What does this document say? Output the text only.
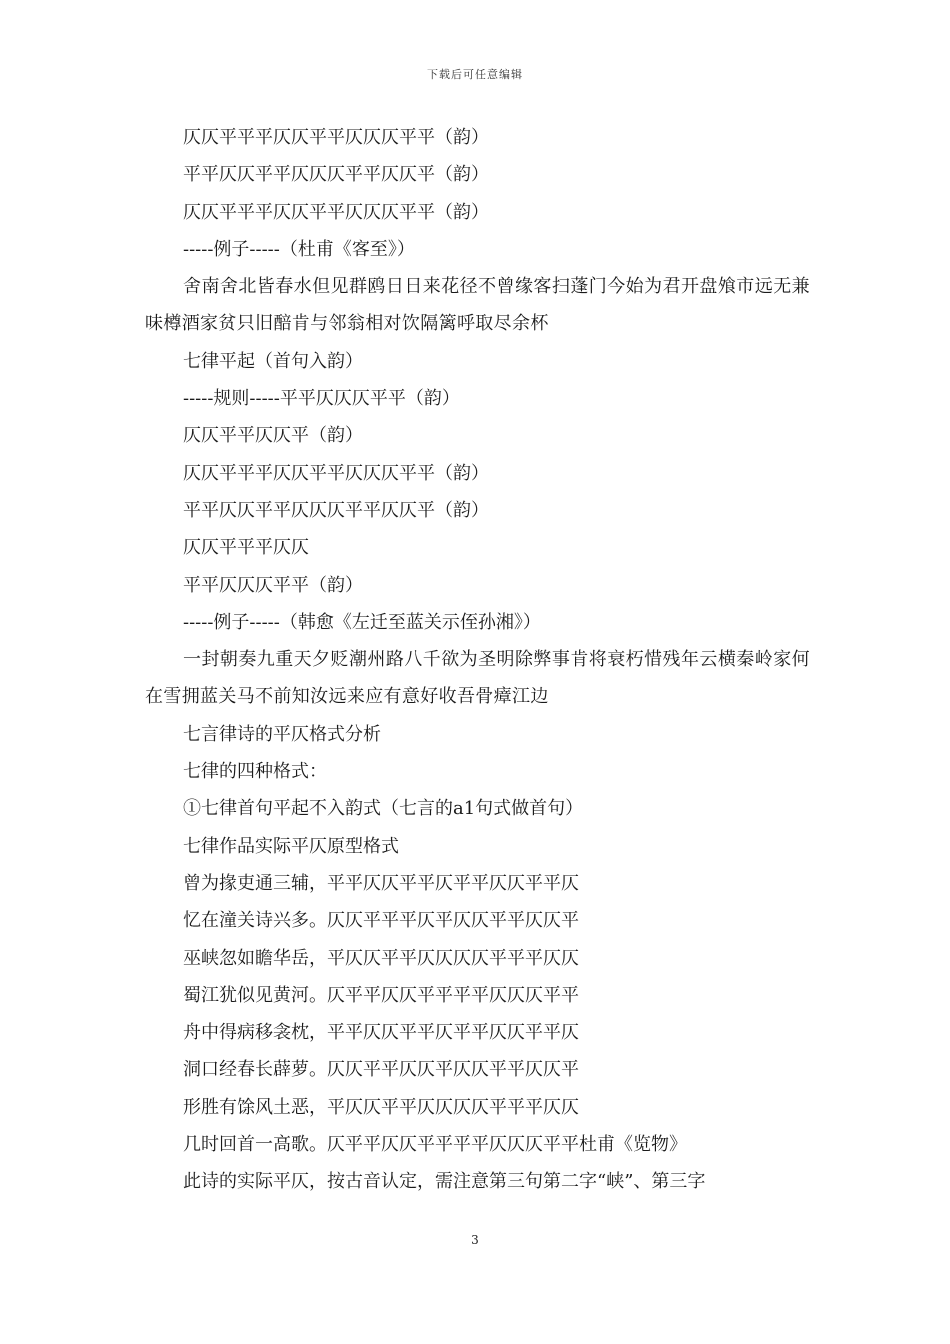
下载后可任意编辑
仄仄平平平仄仄平平仄仄仄平平（韵）
平平仄仄平平仄仄仄平平仄仄平（韵）
仄仄平平平仄仄平平仄仄仄平平（韵）
-----例子-----（杜甫《客至》）

舍南舍北皆春水但见群鸥日日来花径不曾缘客扫蓬门今始为君开盘飧市远无兼味樽酒家贫只旧醅肯与邻翁相对饮隔篱呼取尽余杯

七律平起（首句入韵）
-----规则-----平平仄仄仄平平（韵）
仄仄平平仄仄平（韵）
仄仄平平平仄仄平平仄仄仄平平（韵）
平平仄仄平平仄仄仄平平仄仄平（韵）
仄仄平平平仄仄
平平仄仄仄平平（韵）
-----例子-----（韩愈《左迁至蓝关示侄孙湘》）

一封朝奏九重天夕贬潮州路八千欲为圣明除弊事肯将衰朽惜残年云横秦岭家何在雪拥蓝关马不前知汝远来应有意好收吾骨瘴江边

七言律诗的平仄格式分析
七律的四种格式：
①七律首句平起不入韵式（七言的a1句式做首句）
七律作品实际平仄原型格式
曾为掾吏通三辅，平平仄仄平平仄平平仄仄平平仄
忆在潼关诗兴多。仄仄平平平仄平仄仄平平仄仄平
巫峡忽如瞻华岳，平仄仄平平仄仄仄仄平平平仄仄
蜀江犹似见黄河。仄平平仄仄平平平平仄仄仄平平
舟中得病移衾枕，平平仄仄平平仄平平仄仄平平仄
洞口经春长薜萝。仄仄平平仄仄平仄仄平平仄仄平
形胜有馀风土恶，平仄仄平平仄仄仄仄平平平仄仄
几时回首一高歌。仄平平仄仄平平平平仄仄仄平平杜甫《览物》
此诗的实际平仄，按古音认定，需注意第三句第二字“峡”、第三字
3
